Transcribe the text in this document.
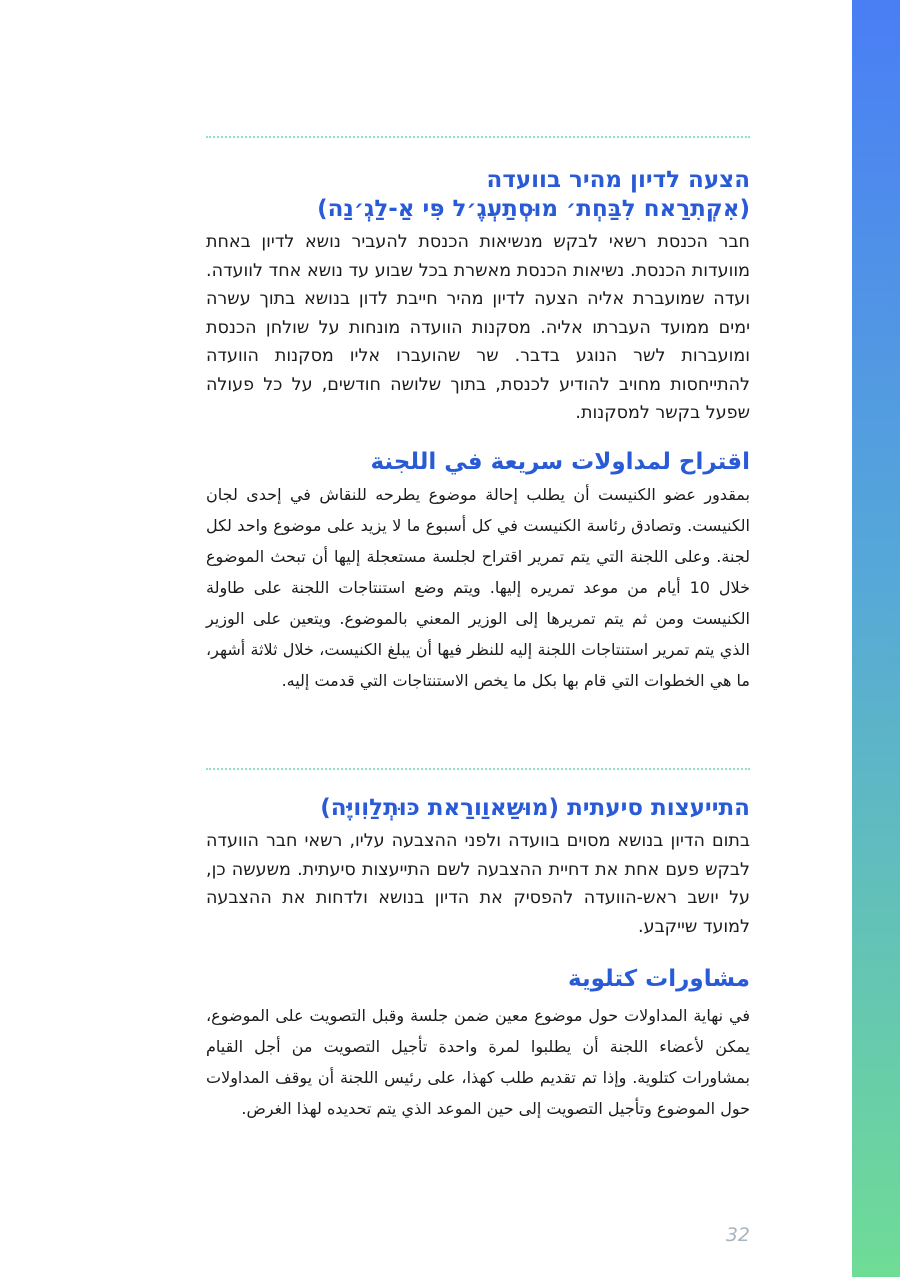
הצעה לדיון מהיר בוועדה
(אִקְתִרַאח לִבַּחְת׳ מוּסְתַעְגֶ׳ל פִּי אַ-לַגְ׳נַה)

חבר הכנסת רשאי לבקש מנשיאות הכנסת להעביר נושא לדיון באחת מוועדות הכנסת. נשיאות הכנסת מאשרת בכל שבוע עד נושא אחד לוועדה. ועדה שמועברת אליה הצעה לדיון מהיר חייבת לדון בנושא בתוך עשרה ימים ממועד העברתו אליה. מסקנות הוועדה מונחות על שולחן הכנסת ומועברות לשר הנוגע בדבר. שר שהועברו אליו מסקנות הוועדה להתייחסות מחויב להודיע לכנסת, בתוך שלושה חודשים, על כל פעולה שפעל בקשר למסקנות.

اقتراح لمداولات سريعة في اللجنة

بمقدور عضو الكنيست أن يطلب إحالة موضوع يطرحه للنقاش في إحدى لجان الكنيست. وتصادق رئاسة الكنيست في كل أسبوع ما لا يزيد على موضوع واحد لكل لجنة. وعلى اللجنة التي يتم تمرير اقتراح لجلسة مستعجلة إليها أن تبحث الموضوع خلال 10 أيام من موعد تمريره إليها. ويتم وضع استنتاجات اللجنة على طاولة الكنيست ومن ثم يتم تمريرها إلى الوزير المعني بالموضوع. ويتعين على الوزير الذي يتم تمرير استنتاجات اللجنة إليه للنظر فيها أن يبلغ الكنيست، خلال ثلاثة أشهر، ما هي الخطوات التي قام بها بكل ما يخص الاستنتاجات التي قدمت إليه.

התייעצות סיעתית (מוּשַאוַורַאת כּוּתְלַוִויֶּה)

בתום הדיון בנושא מסוים בוועדה ולפני ההצבעה עליו, רשאי חבר הוועדה לבקש פעם אחת את דחיית ההצבעה לשם התייעצות סיעתית. משעשה כן, על יושב ראש-הוועדה להפסיק את הדיון בנושא ולדחות את ההצבעה למועד שייקבע.

مشاورات كتلوية

في نهاية المداولات حول موضوع معين ضمن جلسة وقبل التصويت على الموضوع، يمكن لأعضاء اللجنة أن يطلبوا لمرة واحدة تأجيل التصويت من أجل القيام بمشاورات كتلوية. وإذا تم تقديم طلب كهذا، على رئيس اللجنة أن يوقف المداولات حول الموضوع وتأجيل التصويت إلى حين الموعد الذي يتم تحديده لهذا الغرض.

32
